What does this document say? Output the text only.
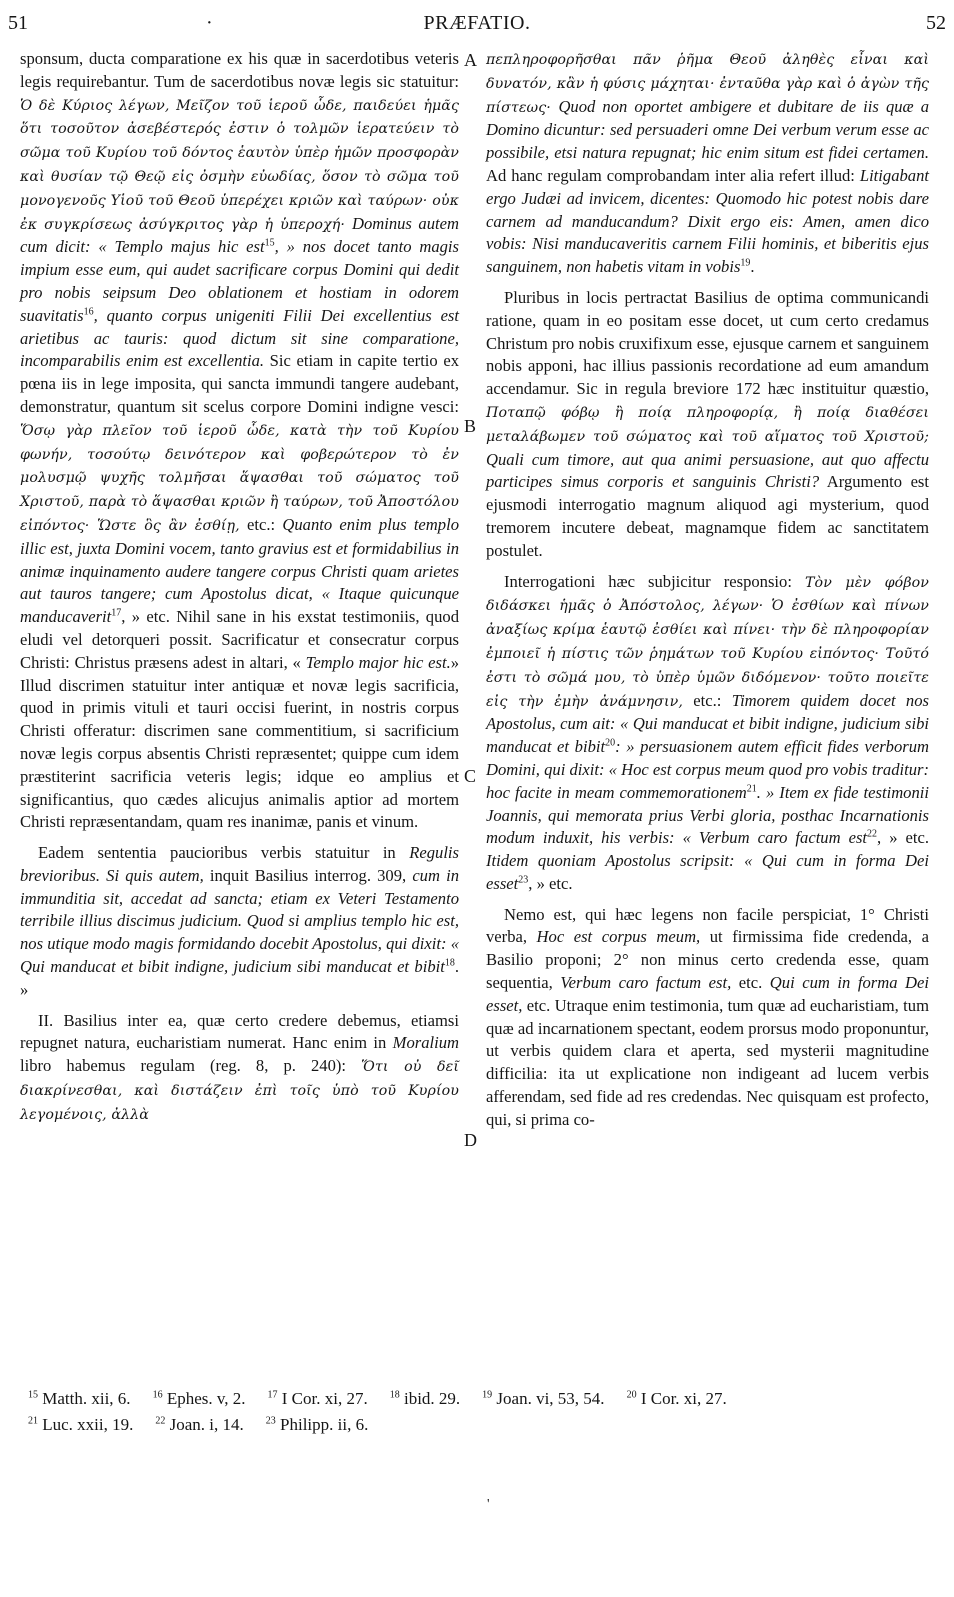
51	·	PRÆFATIO.	52

sponsum, ducta comparatione ex his quæ in sacerdotibus veteris legis requirebantur. Tum de sacerdotibus novæ legis sic statuitur: Ὁ δὲ Κύριος λέγων, Μεῖζον τοῦ ἱεροῦ ὧδε, παιδεύει ἡμᾶς ὅτι τοσοῦτον ἀσεβέστερός ἐστιν ὁ τολμῶν ἱερατεύειν τὸ σῶμα τοῦ Κυρίου τοῦ δόντος ἑαυτὸν ὑπὲρ ἡμῶν προσφορὰν καὶ θυσίαν τῷ Θεῷ εἰς ὀσμὴν εὐωδίας, ὅσον τὸ σῶμα τοῦ μονογενοῦς Υἱοῦ τοῦ Θεοῦ ὑπερέχει κριῶν καὶ ταύρων· οὐκ ἐκ συγκρίσεως ἀσύγκριτος γὰρ ἡ ὑπεροχή· Dominus autem cum dicit: « Templo majus hic est$^{15}$, » nos docet tanto magis impium esse eum, qui audet sacrificare corpus Domini qui dedit pro nobis seipsum Deo oblationem et hostiam in odorem suavitatis$^{16}$, quanto corpus unigeniti Filii Dei excellentius est arietibus ac tauris: quod dictum sit sine comparatione, incomparabilis enim est excellentia. Sic etiam in capite tertio ex pœna iis in lege imposita, qui sancta immundi tangere audebant, demonstratur, quantum sit scelus corpore Domini indigne vesci: Ὅσῳ γὰρ πλεῖον τοῦ ἱεροῦ ὧδε, κατὰ τὴν τοῦ Κυρίου φωνήν, τοσούτῳ δεινότερον καὶ φοβερώτερον τὸ ἐν μολυσμῷ ψυχῆς τολμῆσαι ἅψασθαι τοῦ σώματος τοῦ Χριστοῦ, παρὰ τὸ ἅψασθαι κριῶν ἢ ταύρων, τοῦ Ἀποστόλου εἰπόντος· Ὥστε ὃς ἂν ἐσθίῃ, etc.: Quanto enim plus templo illic est, juxta Domini vocem, tanto gravius est et formidabilius in animæ inquinamento audere tangere corpus Christi quam arietes aut tauros tangere; cum Apostolus dicat, « Itaque quicunque manducaverit$^{17}$, » etc. Nihil sane in his exstat testimoniis, quod eludi vel detorqueri possit. Sacrificatur et consecratur corpus Christi: Christus præsens adest in altari, « Templo major hic est.» Illud discrimen statuitur inter antiquæ et novæ legis sacrificia, quod in primis vituli et tauri occisi fuerint, in nostris corpus Christi offeratur: discrimen sane commentitium, si sacrificium novæ legis corpus absentis Christi repræsentet; quippe cum idem præstiterint sacrificia veteris legis; idque eo amplius et significantius, quo cædes alicujus animalis aptior ad mortem Christi repræsentandam, quam res inanimæ, panis et vinum.

Eadem sententia paucioribus verbis statuitur in Regulis brevioribus. Si quis autem, inquit Basilius interrog. 309, cum in immunditia sit, accedat ad sancta; etiam ex Veteri Testamento terribile illius discimus judicium. Quod si amplius templo hic est, nos utique modo magis formidando docebit Apostolus, qui dixit: « Qui manducat et bibit indigne, judicium sibi manducat et bibit$^{18}$. »

II. Basilius inter ea, quæ certo credere debemus, etiamsi repugnet natura, eucharistiam numerat. Hanc enim in Moralium libro habemus regulam (reg. 8, p. 240): Ὅτι οὐ δεῖ διακρίνεσθαι, καὶ διστάζειν ἐπὶ τοῖς ὑπὸ τοῦ Κυρίου λεγομένοις, ἀλλὰ

πεπληροφορῆσθαι πᾶν ῥῆμα Θεοῦ ἀληθὲς εἶναι καὶ δυνατόν, κἂν ἡ φύσις μάχηται· ἐνταῦθα γὰρ καὶ ὁ ἀγὼν τῆς πίστεως· Quod non oportet ambigere et dubitare de iis quæ a Domino dicuntur: sed persuaderi omne Dei verbum verum esse ac possibile, etsi natura repugnat; hic enim situm est fidei certamen. Ad hanc regulam comprobandam inter alia refert illud: Litigabant ergo Judæi ad invicem, dicentes: Quomodo hic potest nobis dare carnem ad manducandum? Dixit ergo eis: Amen, amen dico vobis: Nisi manducaveritis carnem Filii hominis, et biberitis ejus sanguinem, non habetis vitam in vobis$^{19}$.

Pluribus in locis pertractat Basilius de optima communicandi ratione, quam in eo positam esse docet, ut cum certo credamus Christum pro nobis cruxifixum esse, ejusque carnem et sanguinem nobis apponi, hac illius passionis recordatione ad eum amandum accendamur. Sic in regula breviore 172 hæc instituitur quæstio, Ποταπῷ φόβῳ ἢ ποίᾳ πληροφορίᾳ, ἢ ποίᾳ διαθέσει μεταλάβωμεν τοῦ σώματος καὶ τοῦ αἵματος τοῦ Χριστοῦ; Quali cum timore, aut qua animi persuasione, aut quo affectu participes simus corporis et sanguinis Christi? Argumento est ejusmodi interrogatio magnum aliquod agi mysterium, quod tremorem incutere debeat, magnamque fidem ac sanctitatem postulet.

Interrogationi hæc subjicitur responsio: Τὸν μὲν φόβον διδάσκει ἡμᾶς ὁ Ἀπόστολος, λέγων· Ὁ ἐσθίων καὶ πίνων ἀναξίως κρίμα ἑαυτῷ ἐσθίει καὶ πίνει· τὴν δὲ πληροφορίαν ἐμποιεῖ ἡ πίστις τῶν ῥημάτων τοῦ Κυρίου εἰπόντος· Τοῦτό ἐστι τὸ σῶμά μου, τὸ ὑπὲρ ὑμῶν διδόμενον· τοῦτο ποιεῖτε εἰς τὴν ἐμὴν ἀνάμνησιν, etc.: Timorem quidem docet nos Apostolus, cum ait: « Qui manducat et bibit indigne, judicium sibi manducat et bibit$^{20}$: » persuasionem autem efficit fides verborum Domini, qui dixit: « Hoc est corpus meum quod pro vobis traditur: hoc facite in meam commemorationem$^{21}$. » Item ex fide testimonii Joannis, qui memorata prius Verbi gloria, posthac Incarnationis modum induxit, his verbis: « Verbum caro factum est$^{22}$, » etc. Itidem quoniam Apostolus scripsit: « Qui cum in forma Dei esset$^{23}$, » etc.

Nemo est, qui hæc legens non facile perspiciat, 1° Christi verba, Hoc est corpus meum, ut firmissima fide credenda, a Basilio proponi; 2° non minus certo credenda esse, quam sequentia, Verbum caro factum est, etc. Qui cum in forma Dei esset, etc. Utraque enim testimonia, tum quæ ad eucharistiam, tum quæ ad incarnationem spectant, eodem prorsus modo proponuntur, ut verbis quidem clara et aperta, sed mysterii magnitudine difficilia: ita ut explicatione non indigeant ad lucem verbis afferendam, sed fide ad res credendas. Nec quisquam est profecto, qui, si prima co-

A
B
C
D
$^{15}$ Matth. xii, 6. $^{16}$ Ephes. v, 2. $^{17}$ I Cor. xi, 27. $^{18}$ ibid. 29. $^{19}$ Joan. vi, 53, 54. $^{20}$ I Cor. xi, 27.
$^{21}$ Luc. xxii, 19. $^{22}$ Joan. i, 14. $^{23}$ Philipp. ii, 6.
'
